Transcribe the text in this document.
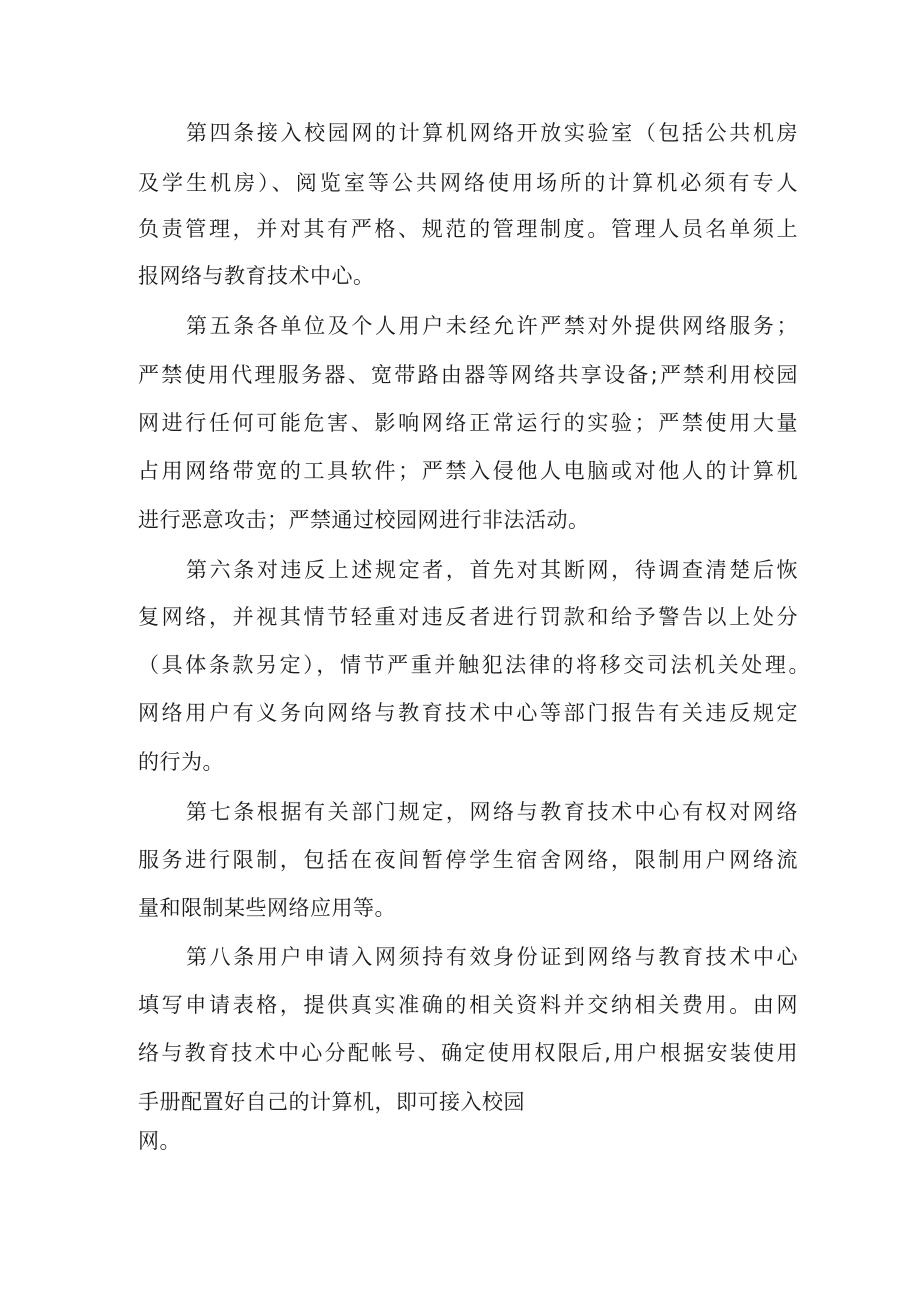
第四条接入校园网的计算机网络开放实验室（包括公共机房
及学生机房）、阅览室等公共网络使用场所的计算机必须有专人
负责管理，并对其有严格、规范的管理制度。管理人员名单须上
报网络与教育技术中心。
第五条各单位及个人用户未经允许严禁对外提供网络服务；
严禁使用代理服务器、宽带路由器等网络共享设备;严禁利用校园
网进行任何可能危害、影响网络正常运行的实验；严禁使用大量
占用网络带宽的工具软件；严禁入侵他人电脑或对他人的计算机
进行恶意攻击；严禁通过校园网进行非法活动。
第六条对违反上述规定者，首先对其断网，待调查清楚后恢
复网络，并视其情节轻重对违反者进行罚款和给予警告以上处分
（具体条款另定），情节严重并触犯法律的将移交司法机关处理。
网络用户有义务向网络与教育技术中心等部门报告有关违反规定
的行为。
第七条根据有关部门规定，网络与教育技术中心有权对网络
服务进行限制，包括在夜间暂停学生宿舍网络，限制用户网络流
量和限制某些网络应用等。
第八条用户申请入网须持有效身份证到网络与教育技术中心
填写申请表格，提供真实准确的相关资料并交纳相关费用。由网
络与教育技术中心分配帐号、确定使用权限后,用户根据安装使用
手册配置好自己的计算机，即可接入校园
网。
